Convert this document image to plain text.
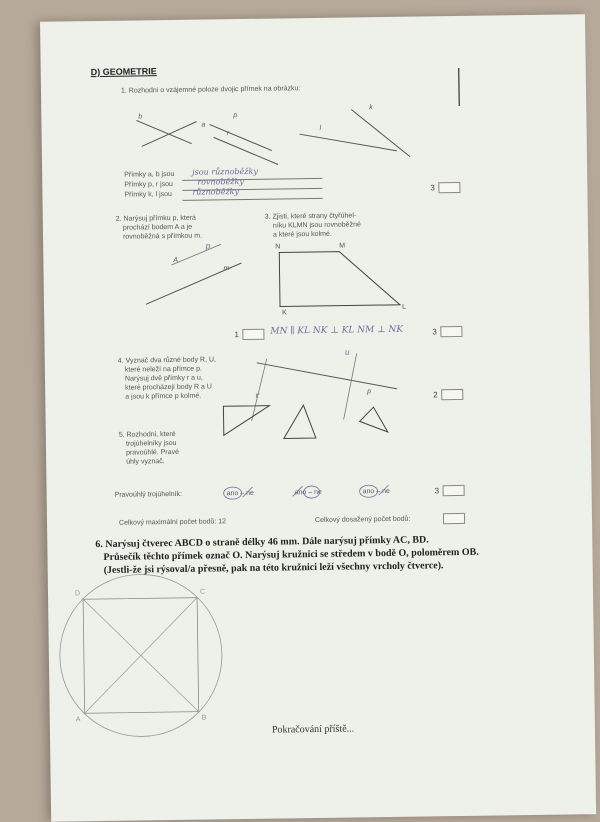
D) GEOMETRIE
1. Rozhodni o vzájemné poloze dvojic přímek na obrázku:
b
a
p
r
l
k
Přímky a, b jsou jsou různoběžky
Přímky p, r jsou	rovnoběžky
Přímky k, l jsou	různoběžky	3
2. Narýsuj přímku p, která
prochází bodem A a je
rovnoběžná s přímkou m.
A
p
m
3. Zjisti, které strany čtyřúhel-
níku KLMN jsou rovnoběžné
a které jsou kolmé.
N	M
K
L
1	MN ∥ KL NK ⊥ KL NM ⊥ NK	3
4. Vyznač dva různé body R, U,
které neleží na přímce p.
Narýsuj dvě přímky r a u,
které procházejí body R a U
a jsou k přímce p kolmé.	r
u
p	2
5. Rozhodni, které
trojúhelníky jsou
pravoúhlé. Pravé
úhly vyznač.
Pravoúhlý trojúhelník:	ano – ne	ano – ne	ano – ne	3
Celkový maximální počet bodů: 12	Celkový dosažený počet bodů:
6. Narýsuj čtverec ABCD o straně délky 46 mm. Dále narýsuj přímky AC, BD.
Průsečík těchto přímek označ O. Narýsuj kružnici se středem v bodě O, poloměrem OB.
(Jestli-že jsi rýsoval/a přesně, pak na této kružnici leží všechny vrcholy čtverce).
D	C
A	B
Pokračování příště...
